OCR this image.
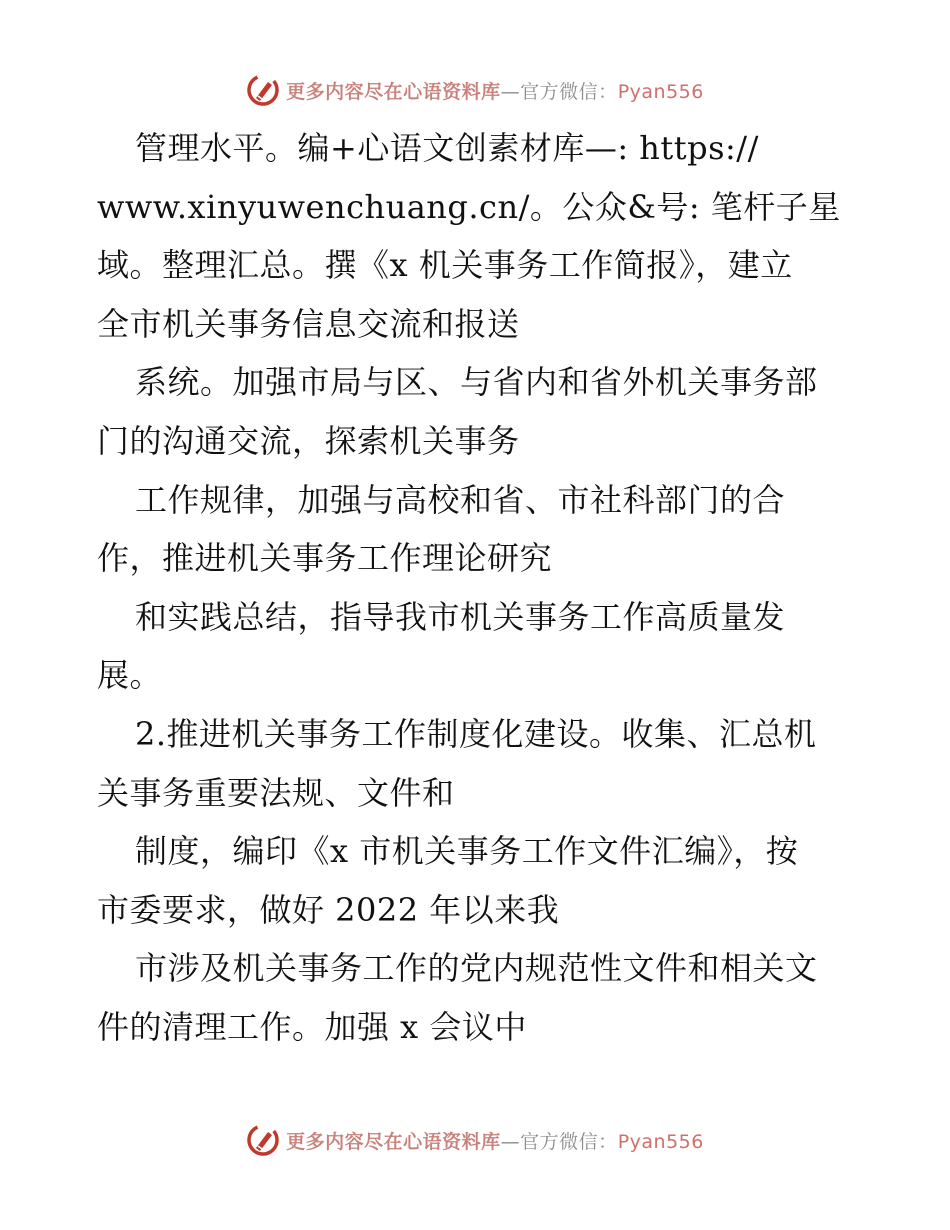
更多内容尽在心语资料库—官方微信：Pyan556
管理水平。编+心语文创素材库—: https://
www.xinyuwenchuang.cn/。公众&号: 笔杆子星
域。整理汇总。撰《x 机关事务工作简报》，建立
全市机关事务信息交流和报送
系统。加强市局与区、与省内和省外机关事务部
门的沟通交流，探索机关事务
工作规律，加强与高校和省、市社科部门的合
作，推进机关事务工作理论研究
和实践总结，指导我市机关事务工作高质量发
展。
2.推进机关事务工作制度化建设。收集、汇总机
关事务重要法规、文件和
制度，编印《x 市机关事务工作文件汇编》，按
市委要求，做好 2022 年以来我
市涉及机关事务工作的党内规范性文件和相关文
件的清理工作。加强 x 会议中
更多内容尽在心语资料库—官方微信：Pyan556
